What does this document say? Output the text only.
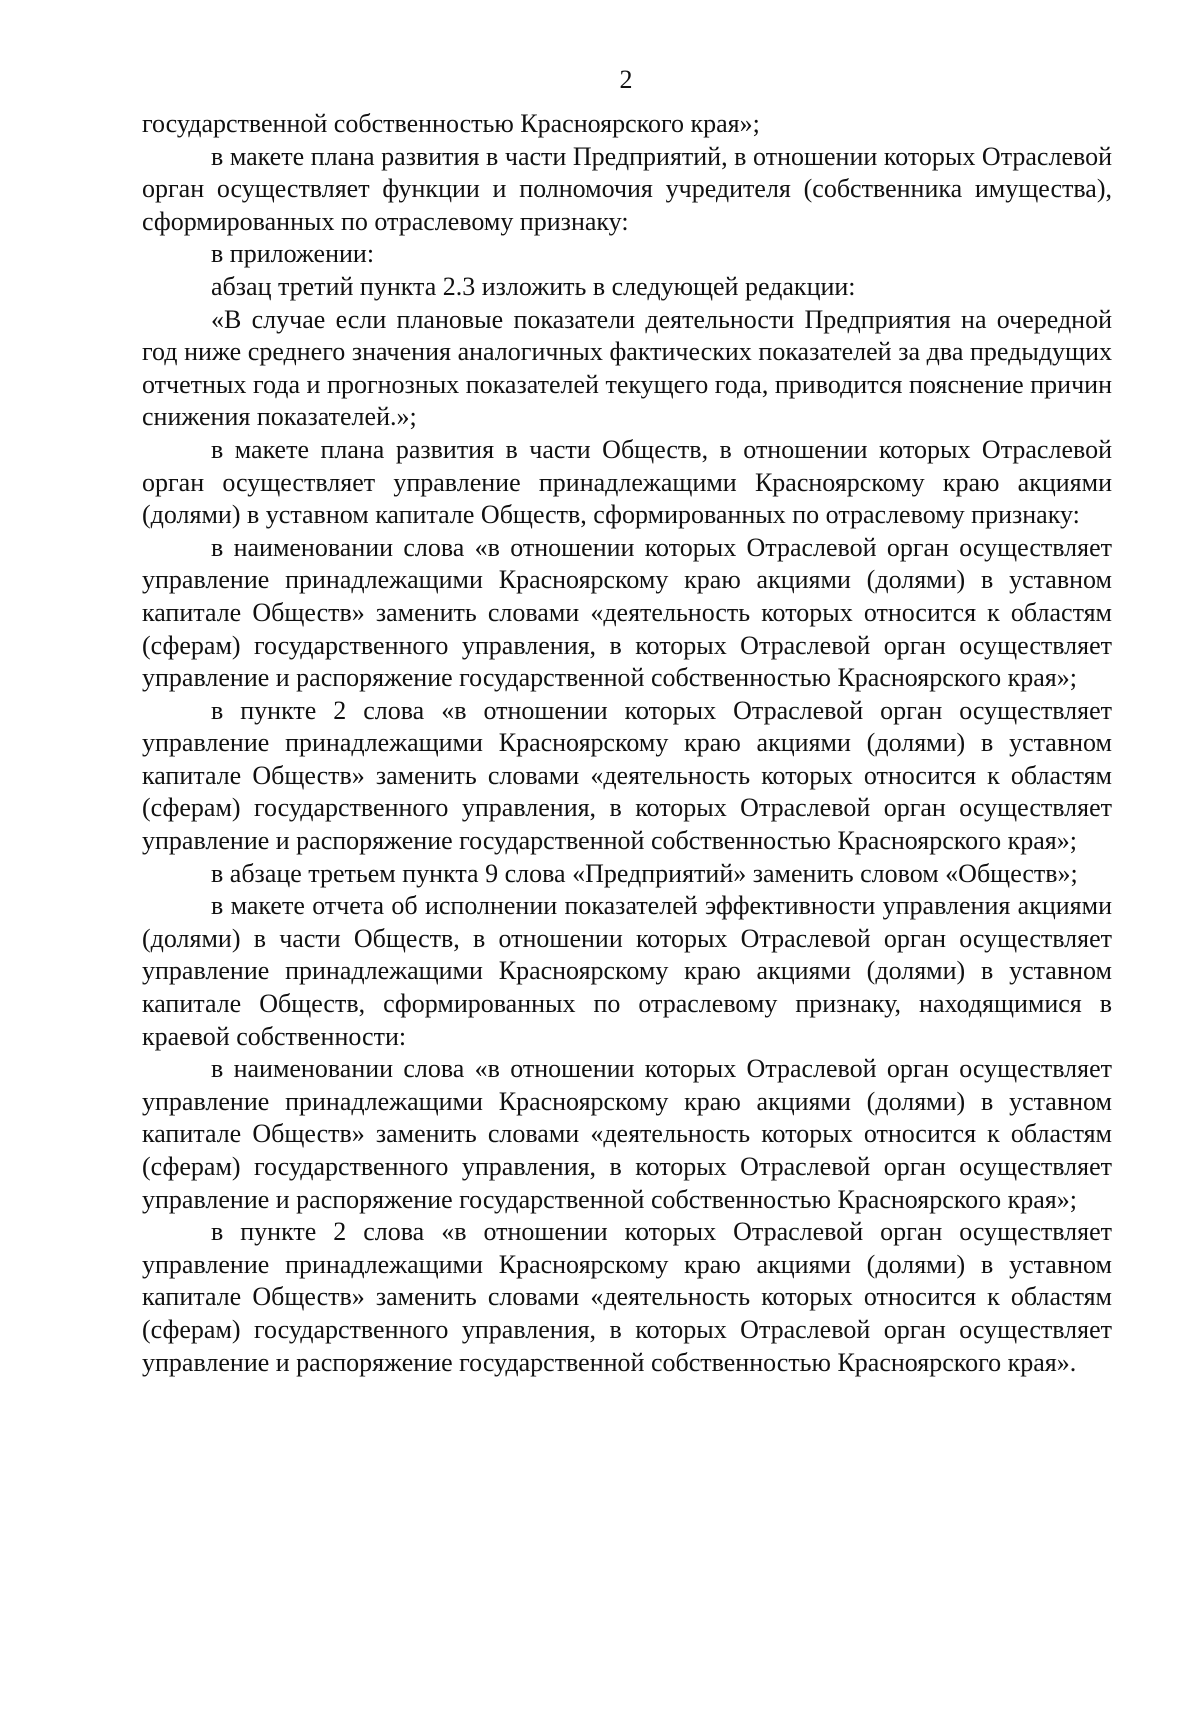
2

государственной собственностью Красноярского края»;

в макете плана развития в части Предприятий, в отношении которых Отраслевой орган осуществляет функции и полномочия учредителя (собственника имущества), сформированных по отраслевому признаку:

в приложении:

абзац третий пункта 2.3 изложить в следующей редакции:

«В случае если плановые показатели деятельности Предприятия на очередной год ниже среднего значения аналогичных фактических показателей за два предыдущих отчетных года и прогнозных показателей текущего года, приводится пояснение причин снижения показателей.»;

в макете плана развития в части Обществ, в отношении которых Отраслевой орган осуществляет управление принадлежащими Красноярскому краю акциями (долями) в уставном капитале Обществ, сформированных по отраслевому признаку:

в наименовании слова «в отношении которых Отраслевой орган осуществляет управление принадлежащими Красноярскому краю акциями (долями) в уставном капитале Обществ» заменить словами «деятельность которых относится к областям (сферам) государственного управления, в которых Отраслевой орган осуществляет управление и распоряжение государственной собственностью Красноярского края»;

в пункте 2 слова «в отношении которых Отраслевой орган осуществляет управление принадлежащими Красноярскому краю акциями (долями) в уставном капитале Обществ» заменить словами «деятельность которых относится к областям (сферам) государственного управления, в которых Отраслевой орган осуществляет управление и распоряжение государственной собственностью Красноярского края»;

в абзаце третьем пункта 9 слова «Предприятий» заменить словом «Обществ»;

в макете отчета об исполнении показателей эффективности управления акциями (долями) в части Обществ, в отношении которых Отраслевой орган осуществляет управление принадлежащими Красноярскому краю акциями (долями) в уставном капитале Обществ, сформированных по отраслевому признаку, находящимися в краевой собственности:

в наименовании слова «в отношении которых Отраслевой орган осуществляет управление принадлежащими Красноярскому краю акциями (долями) в уставном капитале Обществ» заменить словами «деятельность которых относится к областям (сферам) государственного управления, в которых Отраслевой орган осуществляет управление и распоряжение государственной собственностью Красноярского края»;

в пункте 2 слова «в отношении которых Отраслевой орган осуществляет управление принадлежащими Красноярскому краю акциями (долями) в уставном капитале Обществ» заменить словами «деятельность которых относится к областям (сферам) государственного управления, в которых Отраслевой орган осуществляет управление и распоряжение государственной собственностью Красноярского края».
